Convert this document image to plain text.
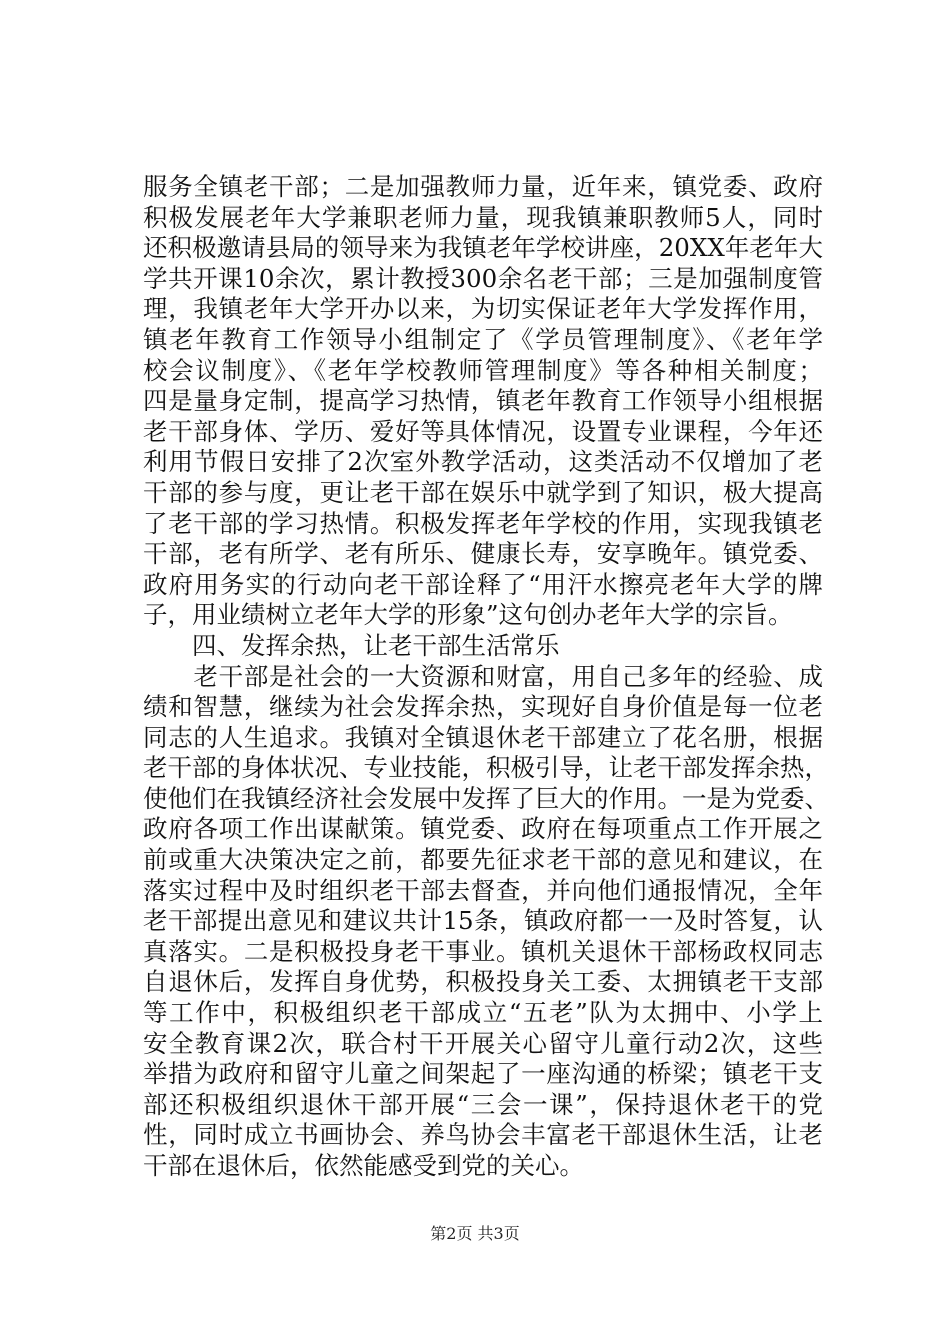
服务全镇老干部；二是加强教师力量，近年来，镇党委、政府
积极发展老年大学兼职老师力量，现我镇兼职教师5人，同时
还积极邀请县局的领导来为我镇老年学校讲座，20XX年老年大
学共开课10余次，累计教授300余名老干部；三是加强制度管
理，我镇老年大学开办以来，为切实保证老年大学发挥作用，
镇老年教育工作领导小组制定了《学员管理制度》、《老年学
校会议制度》、《老年学校教师管理制度》等各种相关制度；
四是量身定制，提高学习热情，镇老年教育工作领导小组根据
老干部身体、学历、爱好等具体情况，设置专业课程，今年还
利用节假日安排了2次室外教学活动，这类活动不仅增加了老
干部的参与度，更让老干部在娱乐中就学到了知识，极大提高
了老干部的学习热情。积极发挥老年学校的作用，实现我镇老
干部，老有所学、老有所乐、健康长寿，安享晚年。镇党委、
政府用务实的行动向老干部诠释了“用汗水擦亮老年大学的牌
子，用业绩树立老年大学的形象”这句创办老年大学的宗旨。
　　四、发挥余热，让老干部生活常乐
　　老干部是社会的一大资源和财富，用自己多年的经验、成
绩和智慧，继续为社会发挥余热，实现好自身价值是每一位老
同志的人生追求。我镇对全镇退休老干部建立了花名册，根据
老干部的身体状况、专业技能，积极引导，让老干部发挥余热，
使他们在我镇经济社会发展中发挥了巨大的作用。一是为党委、
政府各项工作出谋献策。镇党委、政府在每项重点工作开展之
前或重大决策决定之前，都要先征求老干部的意见和建议，在
落实过程中及时组织老干部去督查，并向他们通报情况，全年
老干部提出意见和建议共计15条，镇政府都一一及时答复，认
真落实。二是积极投身老干事业。镇机关退休干部杨政权同志
自退休后，发挥自身优势，积极投身关工委、太拥镇老干支部
等工作中，积极组织老干部成立“五老”队为太拥中、小学上
安全教育课2次，联合村干开展关心留守儿童行动2次，这些
举措为政府和留守儿童之间架起了一座沟通的桥梁；镇老干支
部还积极组织退休干部开展“三会一课”，保持退休老干的党
性，同时成立书画协会、养鸟协会丰富老干部退休生活，让老
干部在退休后，依然能感受到党的关心。
第2页 共3页
